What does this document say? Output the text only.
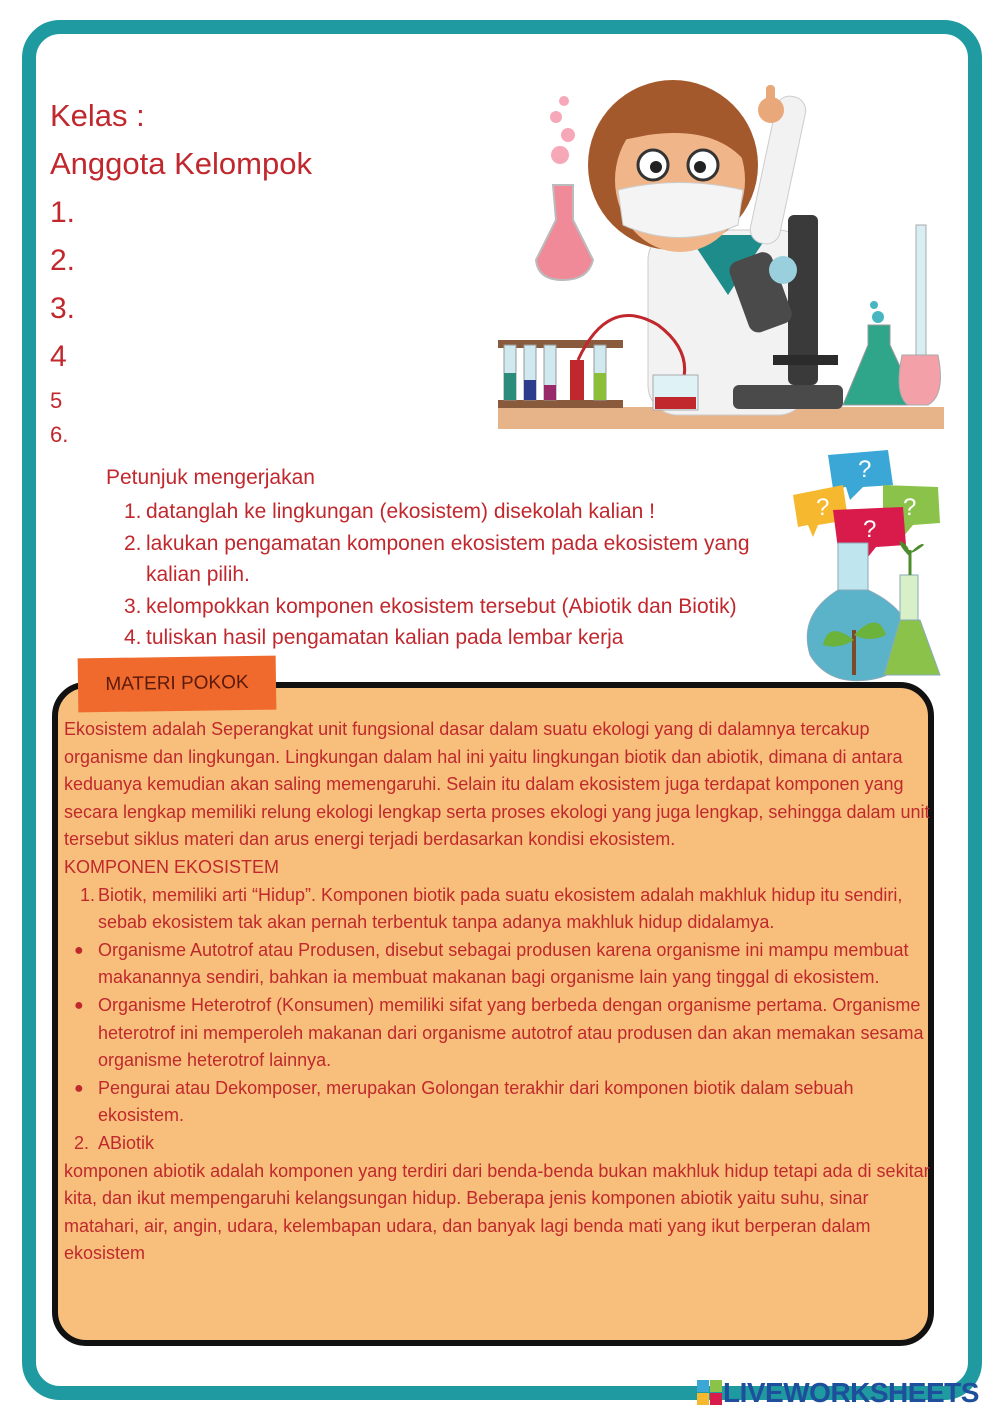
Kelas :
Anggota Kelompok
1.
2.
3.
4
5
6.
?
?	?
?
Petunjuk mengerjakan
1. datanglah ke lingkungan (ekosistem) disekolah kalian !
2. lakukan pengamatan komponen ekosistem pada ekosistem yang kalian pilih.
3. kelompokkan komponen ekosistem tersebut (Abiotik dan Biotik)
4. tuliskan hasil pengamatan kalian pada lembar kerja
MATERI POKOK

Ekosistem adalah Seperangkat unit fungsional dasar dalam suatu ekologi yang di dalamnya tercakup organisme dan lingkungan. Lingkungan dalam hal ini yaitu lingkungan biotik dan abiotik, dimana di antara keduanya kemudian akan saling memengaruhi. Selain itu dalam ekosistem juga terdapat komponen yang secara lengkap memiliki relung ekologi lengkap serta proses ekologi yang juga lengkap, sehingga dalam unit tersebut siklus materi dan arus energi terjadi berdasarkan kondisi ekosistem.

KOMPONEN EKOSISTEM

1. Biotik, memiliki arti “Hidup”. Komponen biotik pada suatu ekosistem adalah makhluk hidup itu sendiri, sebab ekosistem tak akan pernah terbentuk tanpa adanya makhluk hidup didalamya.
● Organisme Autotrof atau Produsen, disebut sebagai produsen karena organisme ini mampu membuat makanannya sendiri, bahkan ia membuat makanan bagi organisme lain yang tinggal di ekosistem.
● Organisme Heterotrof (Konsumen) memiliki sifat yang berbeda dengan organisme pertama. Organisme heterotrof ini memperoleh makanan dari organisme autotrof atau produsen dan akan memakan sesama organisme heterotrof lainnya.
● Pengurai atau Dekomposer, merupakan Golongan terakhir dari komponen biotik dalam sebuah ekosistem.
2. ABiotik

komponen abiotik adalah komponen yang terdiri dari benda-benda bukan makhluk hidup tetapi ada di sekitar kita, dan ikut mempengaruhi kelangsungan hidup. Beberapa jenis komponen abiotik yaitu suhu, sinar matahari, air, angin, udara, kelembapan udara, dan banyak lagi benda mati yang ikut berperan dalam ekosistem

LIVEWORKSHEETS
